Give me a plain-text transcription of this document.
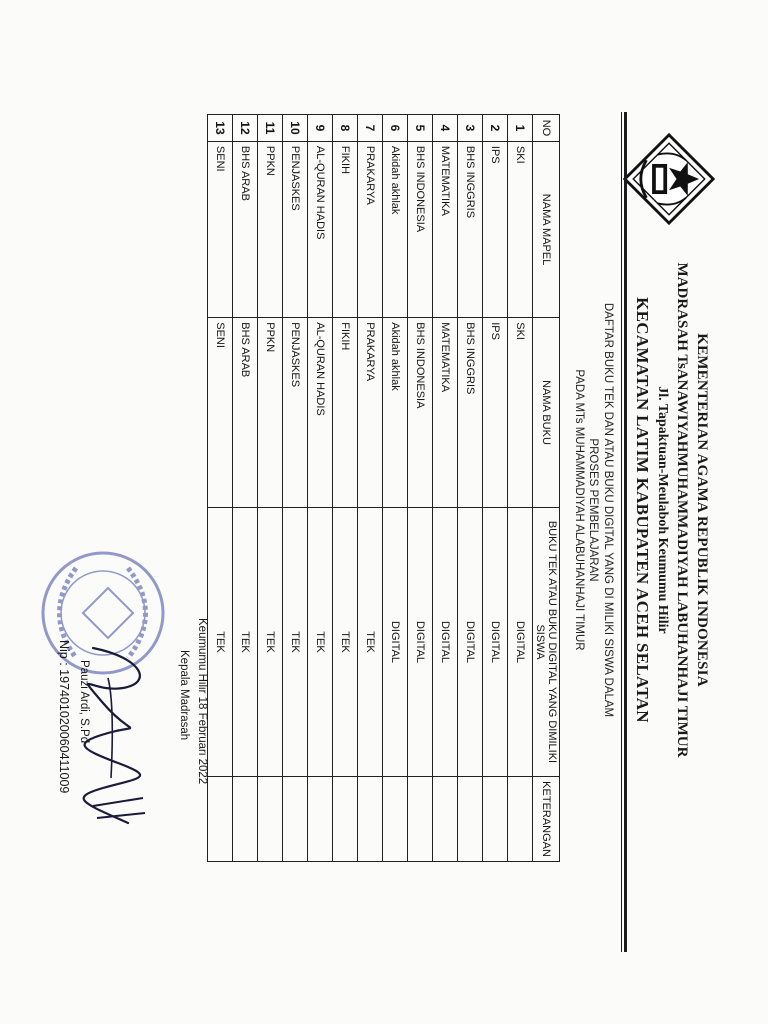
KEMENTERIAN AGAMA REPUBLIK INDONESIA
MADRASAH TsANAWIYAHMUHAMMADIYAH LABUHANHAJI TIMUR
Jl. Tapaktuan-Meulaboh Keumumu Hilir
KECAMATAN LATIM KABUPATEN ACEH SELATAN
DAFTAR BUKU TEK DAN ATAU BUKU DIGITAL YANG DI MILIKI SISWA DALAM
PROSES PEMBELAJARAN
PADA MTs MUHAMMADIYAH ALABUHANHAJI TIMUR
NO	NAMA MAPEL	NAMA BUKU	BUKU TEK ATAU BUKU DIGITAL YANG DIMILIKI SISWA	KETERANGAN
1	SKI	SKI	DIGITAL	
2	IPS	IPS	DIGITAL	
3	BHS INGGRIS	BHS INGGRIS	DIGITAL	
4	MATEMATIKA	MATEMATIKA	DIGITAL	
5	BHS INDONESIA	BHS INDONESIA	DIGITAL	
6	Akidah akhlak	Akidah akhlak	DIGITAL	
7	PRAKARYA	PRAKARYA	TEK	
8	FIKIH	FIKIH	TEK	
9	AL-QURAN HADIS	AL-QURAN HADIS	TEK	
10	PENJASKES	PENJASKES	TEK	
11	PPKN	PPKN	TEK	
12	BHS ARAB	BHS ARAB	TEK	
13	SENI	SENI	TEK	
Keumumu Hilir 18 Februari 2022
Kepala Madrasah
Pauzi Ardi, S.Pd
Nip : 197401020060411009
